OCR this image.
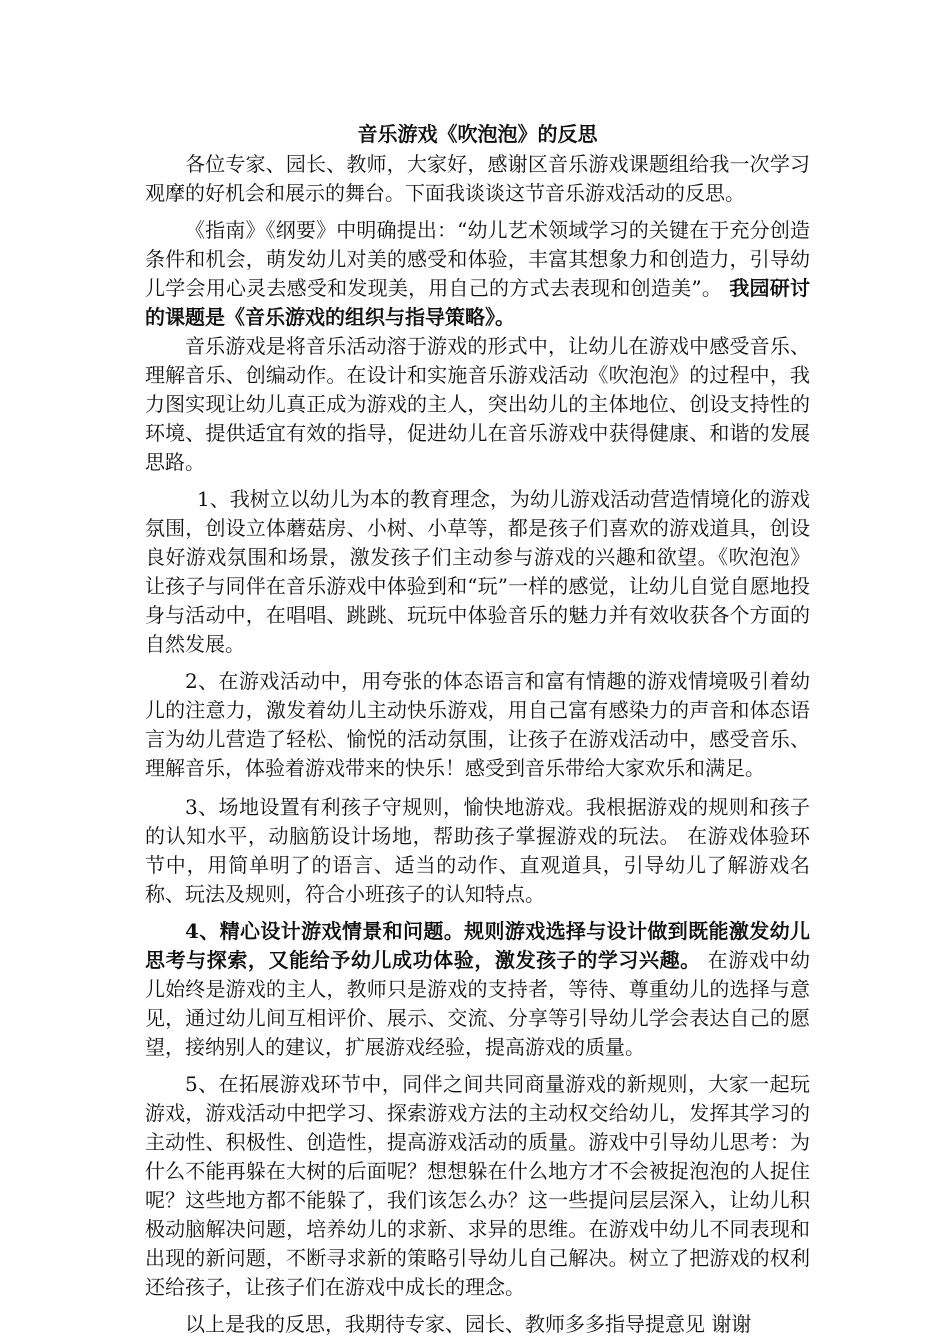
音乐游戏《吹泡泡》的反思

各位专家、园长、教师，大家好，感谢区音乐游戏课题组给我一次学习观摩的好机会和展示的舞台。下面我谈谈这节音乐游戏活动的反思。

《指南》《纲要》中明确提出：“幼儿艺术领域学习的关键在于充分创造条件和机会，萌发幼儿对美的感受和体验，丰富其想象力和创造力，引导幼儿学会用心灵去感受和发现美，用自己的方式去表现和创造美”。 我园研讨的课题是《音乐游戏的组织与指导策略》。

音乐游戏是将音乐活动溶于游戏的形式中，让幼儿在游戏中感受音乐、理解音乐、创编动作。在设计和实施音乐游戏活动《吹泡泡》的过程中，我力图实现让幼儿真正成为游戏的主人，突出幼儿的主体地位、创设支持性的环境、提供适宜有效的指导，促进幼儿在音乐游戏中获得健康、和谐的发展思路。

1、我树立以幼儿为本的教育理念，为幼儿游戏活动营造情境化的游戏氛围，创设立体蘑菇房、小树、小草等，都是孩子们喜欢的游戏道具，创设良好游戏氛围和场景，激发孩子们主动参与游戏的兴趣和欲望。《吹泡泡》让孩子与同伴在音乐游戏中体验到和“玩”一样的感觉，让幼儿自觉自愿地投身与活动中，在唱唱、跳跳、玩玩中体验音乐的魅力并有效收获各个方面的自然发展。

2、在游戏活动中，用夸张的体态语言和富有情趣的游戏情境吸引着幼儿的注意力，激发着幼儿主动快乐游戏，用自己富有感染力的声音和体态语言为幼儿营造了轻松、愉悦的活动氛围，让孩子在游戏活动中，感受音乐、理解音乐，体验着游戏带来的快乐！感受到音乐带给大家欢乐和满足。

3、场地设置有利孩子守规则，愉快地游戏。我根据游戏的规则和孩子的认知水平，动脑筋设计场地，帮助孩子掌握游戏的玩法。 在游戏体验环节中，用简单明了的语言、适当的动作、直观道具，引导幼儿了解游戏名称、玩法及规则，符合小班孩子的认知特点。

4、精心设计游戏情景和问题。规则游戏选择与设计做到既能激发幼儿思考与探索，又能给予幼儿成功体验，激发孩子的学习兴趣。 在游戏中幼儿始终是游戏的主人，教师只是游戏的支持者，等待、尊重幼儿的选择与意见，通过幼儿间互相评价、展示、交流、分享等引导幼儿学会表达自己的愿望，接纳别人的建议，扩展游戏经验，提高游戏的质量。

5、在拓展游戏环节中，同伴之间共同商量游戏的新规则，大家一起玩游戏，游戏活动中把学习、探索游戏方法的主动权交给幼儿，发挥其学习的主动性、积极性、创造性，提高游戏活动的质量。游戏中引导幼儿思考：为什么不能再躲在大树的后面呢？想想躲在什么地方才不会被捉泡泡的人捉住呢？这些地方都不能躲了，我们该怎么办？这一些提问层层深入，让幼儿积极动脑解决问题，培养幼儿的求新、求异的思维。在游戏中幼儿不同表现和出现的新问题，不断寻求新的策略引导幼儿自己解决。树立了把游戏的权利还给孩子，让孩子们在游戏中成长的理念。

以上是我的反思，我期待专家、园长、教师多多指导提意见 谢谢
